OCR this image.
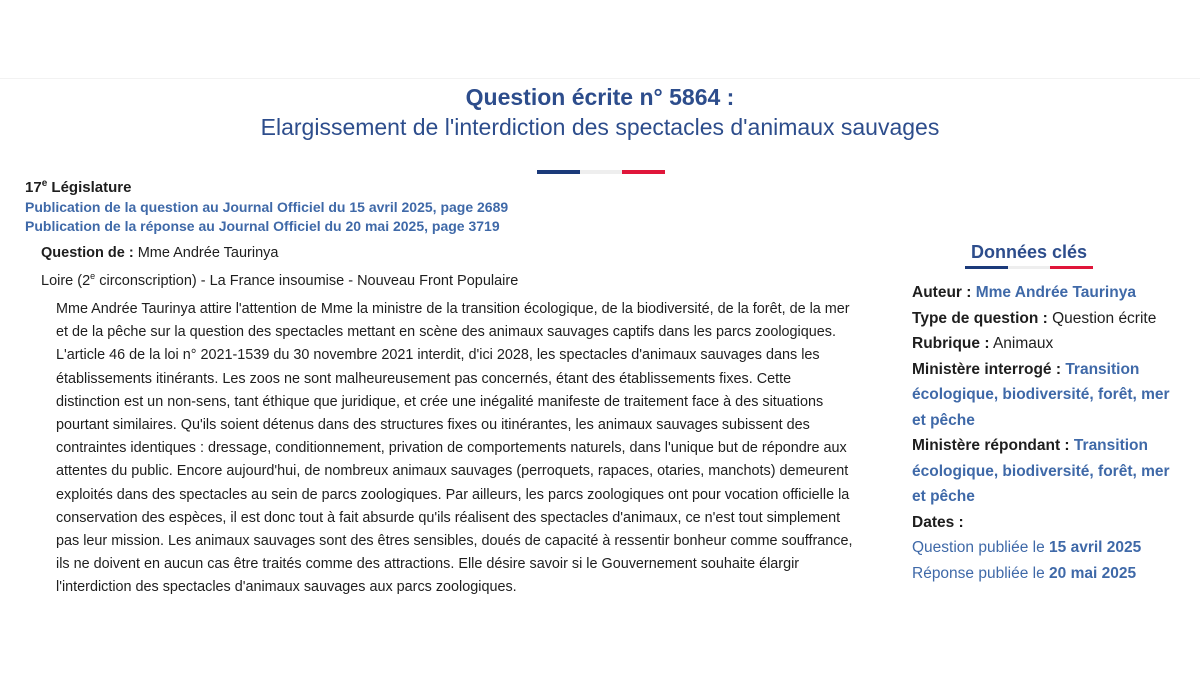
Question écrite n° 5864 :
Elargissement de l'interdiction des spectacles d'animaux sauvages
17e Législature
Publication de la question au Journal Officiel du 15 avril 2025, page 2689
Publication de la réponse au Journal Officiel du 20 mai 2025, page 3719
Question de : Mme Andrée Taurinya
Loire (2e circonscription) - La France insoumise - Nouveau Front Populaire
Mme Andrée Taurinya attire l'attention de Mme la ministre de la transition écologique, de la biodiversité, de la forêt, de la mer et de la pêche sur la question des spectacles mettant en scène des animaux sauvages captifs dans les parcs zoologiques. L'article 46 de la loi n° 2021-1539 du 30 novembre 2021 interdit, d'ici 2028, les spectacles d'animaux sauvages dans les établissements itinérants. Les zoos ne sont malheureusement pas concernés, étant des établissements fixes. Cette distinction est un non-sens, tant éthique que juridique, et crée une inégalité manifeste de traitement face à des situations pourtant similaires. Qu'ils soient détenus dans des structures fixes ou itinérantes, les animaux sauvages subissent des contraintes identiques : dressage, conditionnement, privation de comportements naturels, dans l'unique but de répondre aux attentes du public. Encore aujourd'hui, de nombreux animaux sauvages (perroquets, rapaces, otaries, manchots) demeurent exploités dans des spectacles au sein de parcs zoologiques. Par ailleurs, les parcs zoologiques ont pour vocation officielle la conservation des espèces, il est donc tout à fait absurde qu'ils réalisent des spectacles d'animaux, ce n'est tout simplement pas leur mission. Les animaux sauvages sont des êtres sensibles, doués de capacité à ressentir bonheur comme souffrance, ils ne doivent en aucun cas être traités comme des attractions. Elle désire savoir si le Gouvernement souhaite élargir l'interdiction des spectacles d'animaux sauvages aux parcs zoologiques.
Données clés
Auteur : Mme Andrée Taurinya
Type de question : Question écrite
Rubrique : Animaux
Ministère interrogé : Transition écologique, biodiversité, forêt, mer et pêche
Ministère répondant : Transition écologique, biodiversité, forêt, mer et pêche
Dates :
Question publiée le 15 avril 2025
Réponse publiée le 20 mai 2025
